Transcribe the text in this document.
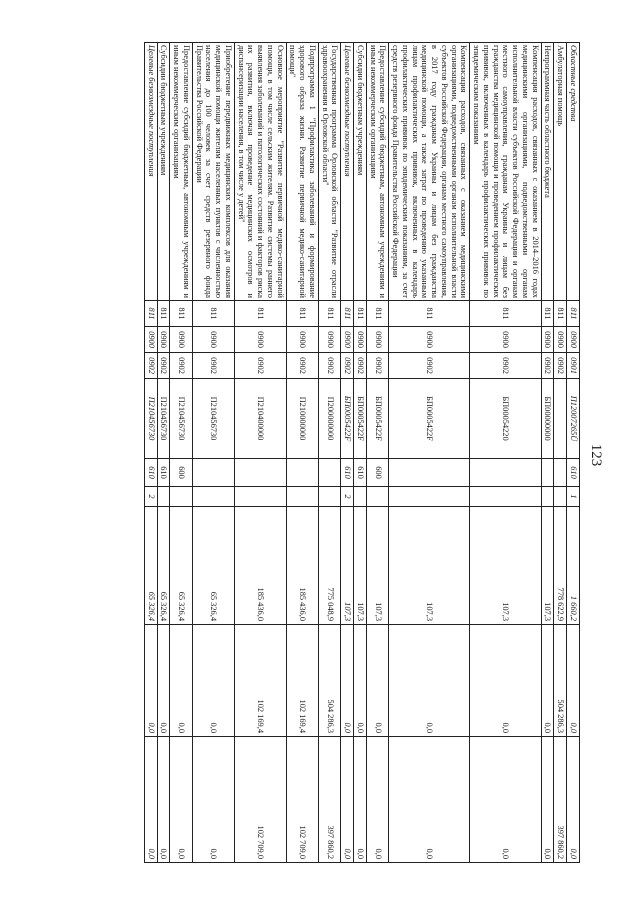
123
Областные средства	811	0900	0901	П12007265Ü	610	1	1 660,2	0,0	0,0
Амбулаторная помощь	811	0900	0902				778 622,9	504 286,3	397 860,2
Непрограммная часть областного бюджета	811	0900	0902	БП00000000			107,3	0,0	0,0
Компенсация расходов, связанных с оказанием в 2014–2016 годах медицинскими организациями, подведомственными органам исполнительной власти субъектов Российской Федерации и органам местного самоуправления, гражданам Украины и лицам без гражданства медицинской помощи и проведением профилактических прививок, включенных в календарь профилактических прививок по эпидемическим показаниям	811	0900	0902	БП00054220			107,3	0,0	0,0
Компенсация расходов, связанных с оказанием медицинскими организациями, подведомственными органам исполнительной власти субъектов Российской Федерации, органам местного самоуправления, в 2017 году гражданам Украины и лицам без гражданства медицинской помощи, а также затрат по проведению указанным лицам профилактических прививок, включенных в календарь профилактических прививок по эпидемическим показаниям, за счет средств резервного фонда Правительства Российской Федерации	811	0900	0902	БП0005422F			107,3	0,0	0,0
Предоставление субсидий бюджетным, автономным учреждениям и иным некоммерческим организациям	811	0900	0902	БП0005422F	600		107,3	0,0	0,0
Субсидии бюджетным учреждениям	811	0900	0902	БП0005422F	610		107,3	0,0	0,0
Целевые безвозмездные поступления	811	0900	0902	БП0005422F	610	2	107,3	0,0	0,0
Государственная программа Орловской области "Развитие отрасли здравоохранения в Орловской области"	811	0900	0902	П200000000			775 048,9	504 286,3	397 860,2
Подпрограмма 1 "Профилактика заболеваний и формирование здорового образа жизни. Развитие первичной медико-санитарной помощи"	811	0900	0902	П210000000			185 436,0	102 169,4	102 709,0
Основное мероприятие "Развитие первичной медико-санитарной помощи, в том числе сельским жителям. Развитие системы раннего выявления заболеваний и патологических состояний и факторов риска их развития, включая проведение медицинских осмотров и диспансеризации населения, в том числе у детей"	811	0900	0902	П210400000			185 436,0	102 169,4	102 709,0
Приобретение передвижных медицинских комплексов для оказания медицинской помощи жителям населенных пунктов с численностью населения до 100 человек за счет средств резервного фонда Правительства Российской Федерации	811	0900	0902	П210456730			65 326,4	0,0	0,0
Предоставление субсидий бюджетным, автономным учреждениям и иным некоммерческим организациям	811	0900	0902	П210456730	600		65 326,4	0,0	0,0
Субсидии бюджетным учреждениям	811	0900	0902	П210456730	610		65 326,4	0,0	0,0
Целевые безвозмездные поступления	811	0900	0902	П210456730	610	2	65 326,4	0,0	0,0
